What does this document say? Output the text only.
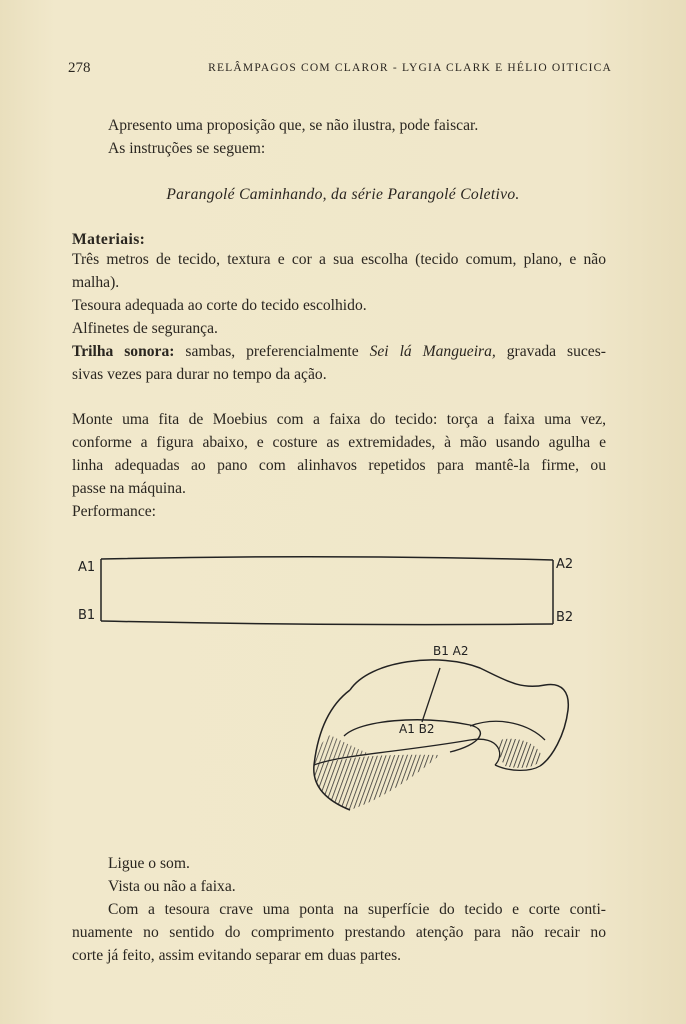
278	RELÂMPAGOS COM CLAROR - LYGIA CLARK E HÉLIO OITICICA
Apresento uma proposição que, se não ilustra, pode faiscar.
As instruções se seguem:
Parangolé Caminhando, da série Parangolé Coletivo.
Materiais:
Três metros de tecido, textura e cor a sua escolha (tecido comum, plano, e não
malha).
Tesoura adequada ao corte do tecido escolhido.
Alfinetes de segurança.
Trilha sonora: sambas, preferencialmente Sei lá Mangueira, gravada suces-
sivas vezes para durar no tempo da ação.
Monte uma fita de Moebius com a faixa do tecido: torça a faixa uma vez,
conforme a figura abaixo, e costure as extremidades, à mão usando agulha e
linha adequadas ao pano com alinhavos repetidos para mantê-la firme, ou
passe na máquina.
Performance:
A1
B1
A2
B2
B1 A2
A1 B2
Ligue o som.
Vista ou não a faixa.
Com a tesoura crave uma ponta na superfície do tecido e corte conti-
nuamente no sentido do comprimento prestando atenção para não recair no
corte já feito, assim evitando separar em duas partes.
